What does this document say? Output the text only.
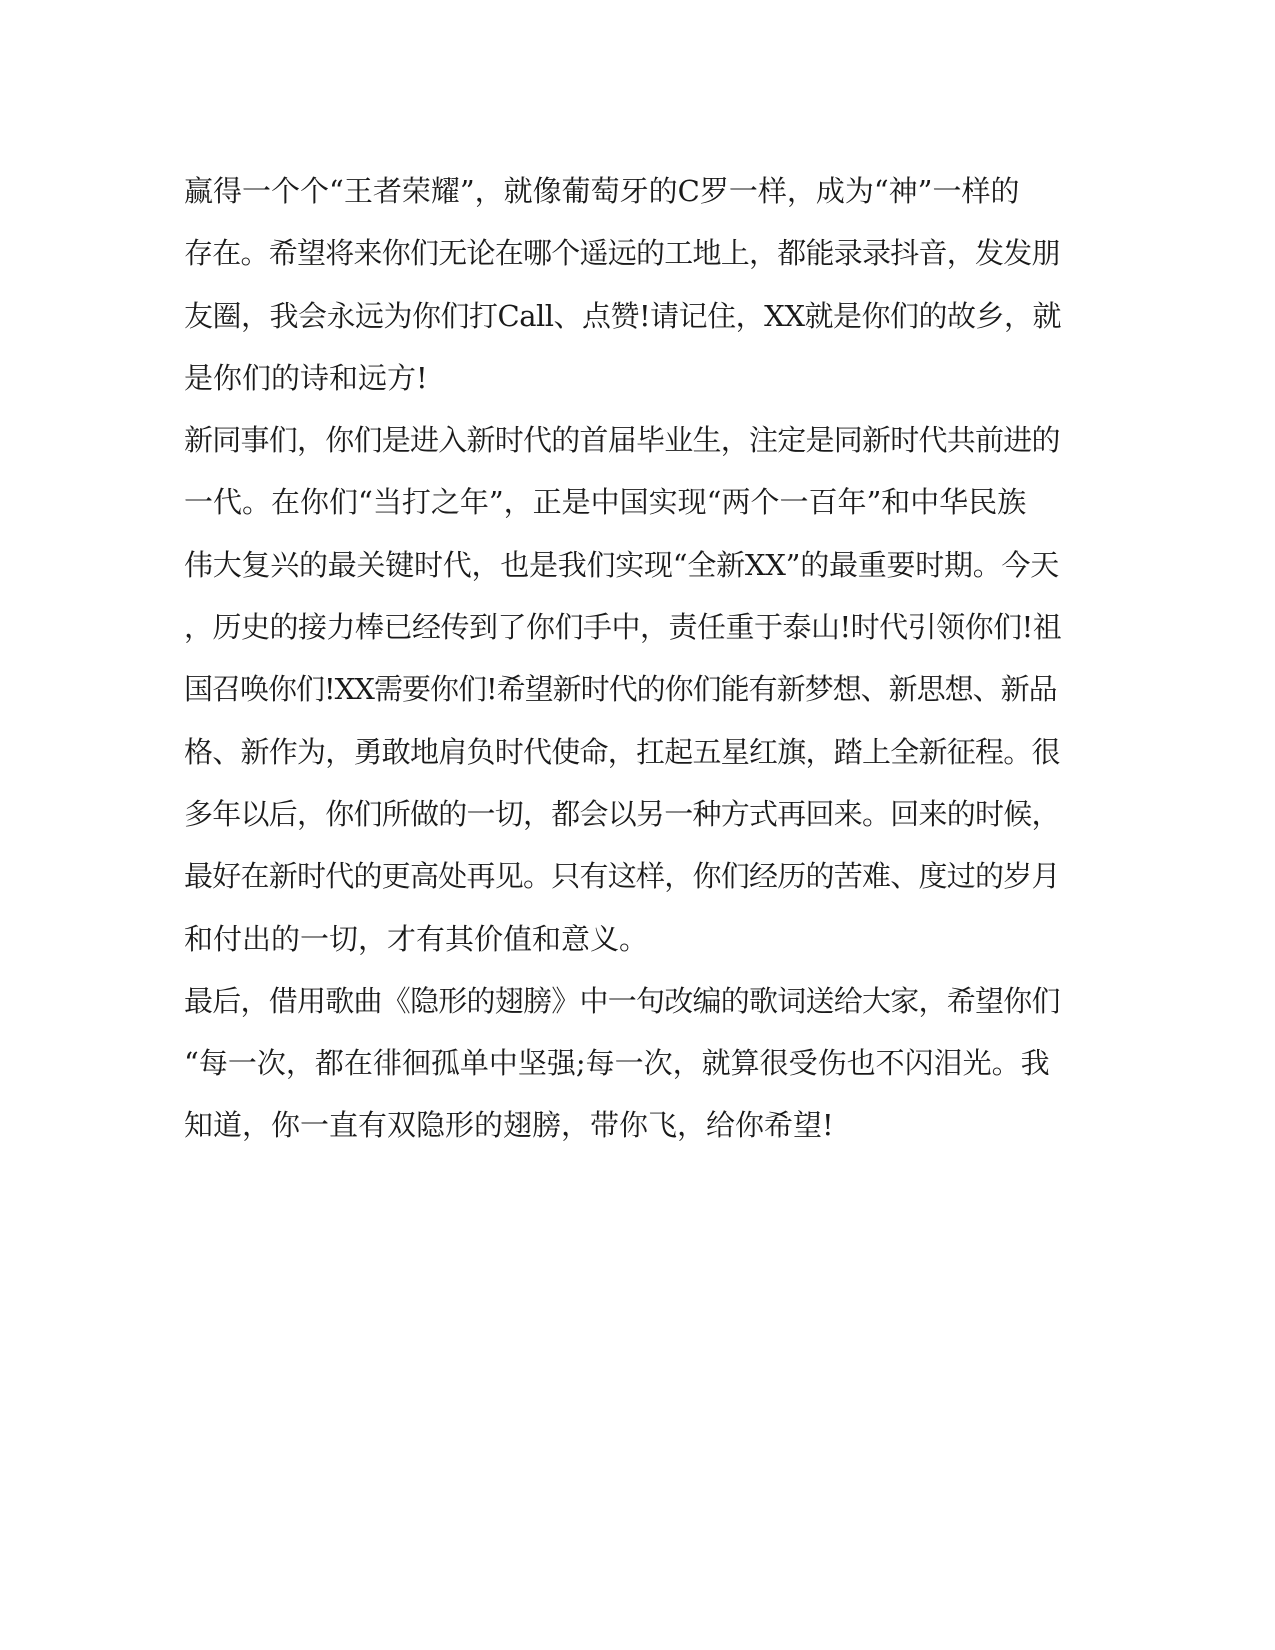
赢得一个个“王者荣耀”，就像葡萄牙的C罗一样，成为“神”一样的
存在。希望将来你们无论在哪个遥远的工地上，都能录录抖音，发发朋
友圈，我会永远为你们打Call、点赞!请记住，XX就是你们的故乡，就
是你们的诗和远方!
新同事们，你们是进入新时代的首届毕业生，注定是同新时代共前进的
一代。在你们“当打之年”，正是中国实现“两个一百年”和中华民族
伟大复兴的最关键时代，也是我们实现“全新XX”的最重要时期。今天
，历史的接力棒已经传到了你们手中，责任重于泰山!时代引领你们!祖
国召唤你们!XX需要你们!希望新时代的你们能有新梦想、新思想、新品
格、新作为，勇敢地肩负时代使命，扛起五星红旗，踏上全新征程。很
多年以后，你们所做的一切，都会以另一种方式再回来。回来的时候，
最好在新时代的更高处再见。只有这样，你们经历的苦难、度过的岁月
和付出的一切，才有其价值和意义。
最后，借用歌曲《隐形的翅膀》中一句改编的歌词送给大家，希望你们
“每一次，都在徘徊孤单中坚强;每一次，就算很受伤也不闪泪光。我
知道，你一直有双隐形的翅膀，带你飞，给你希望!
